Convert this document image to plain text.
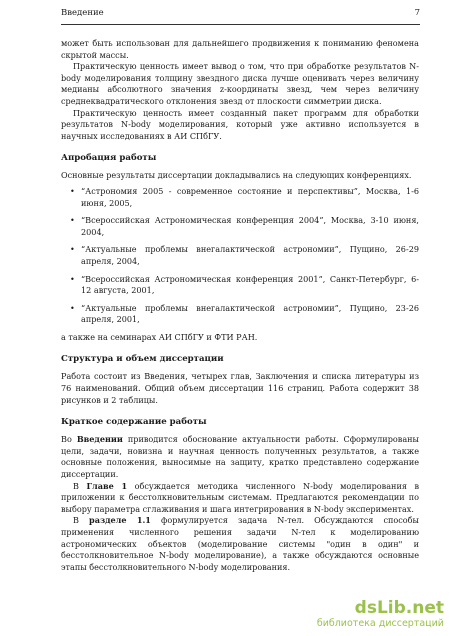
Введение	7

может быть использован для дальнейшего продвижения к пониманию феномена скрытой массы.

Практическую ценность имеет вывод о том, что при обработке результатов N-body моделирования толщину звездного диска лучше оценивать через величину медианы абсолютного значения z-координаты звезд, чем через величину среднеквадратического отклонения звезд от плоскости симметрии диска.

Практическую ценность имеет созданный пакет программ для обработки результатов N-body моделирования, который уже активно используется в научных исследованиях в АИ СПбГУ.

Апробация работы

Основные результаты диссертации докладывались на следующих конференциях.

• “Астрономия 2005 - современное состояние и перспективы”, Москва, 1-6 июня, 2005,
• “Всероссийская Астрономическая конференция 2004”, Москва, 3-10 июня, 2004,
• “Актуальные проблемы внегалактической астрономии”, Пущино, 26-29 апреля, 2004,
• “Всероссийская Астрономическая конференция 2001”, Санкт-Петербург, 6-12 августа, 2001,
• “Актуальные проблемы внегалактической астрономии”, Пущино, 23-26 апреля, 2001,

а также на семинарах АИ СПбГУ и ФТИ РАН.

Структура и объем диссертации

Работа состоит из Введения, четырех глав, Заключения и списка литературы из 76 наименований. Общий объем диссертации 116 страниц. Работа содержит 38 рисунков и 2 таблицы.

Краткое содержание работы

Во Введении приводится обоснование актуальности работы. Сформулированы цели, задачи, новизна и научная ценность полученных результатов, а также основные положения, выносимые на защиту, кратко представлено содержание диссертации.

В Главе 1 обсуждается методика численного N-body моделирования в приложении к бесстолкновительным системам. Предлагаются рекомендации по выбору параметра сглаживания и шага интегрирования в N-body экспериментах.

В разделе 1.1 формулируется задача N-тел. Обсуждаются способы применения численного решения задачи N-тел к моделированию астрономических объектов (моделирование системы "один в один" и бесстолкновительное N-body моделирование), а также обсуждаются основные этапы бесстолкновительного N-body моделирования.

dsLib.net
библиотека диссертаций
